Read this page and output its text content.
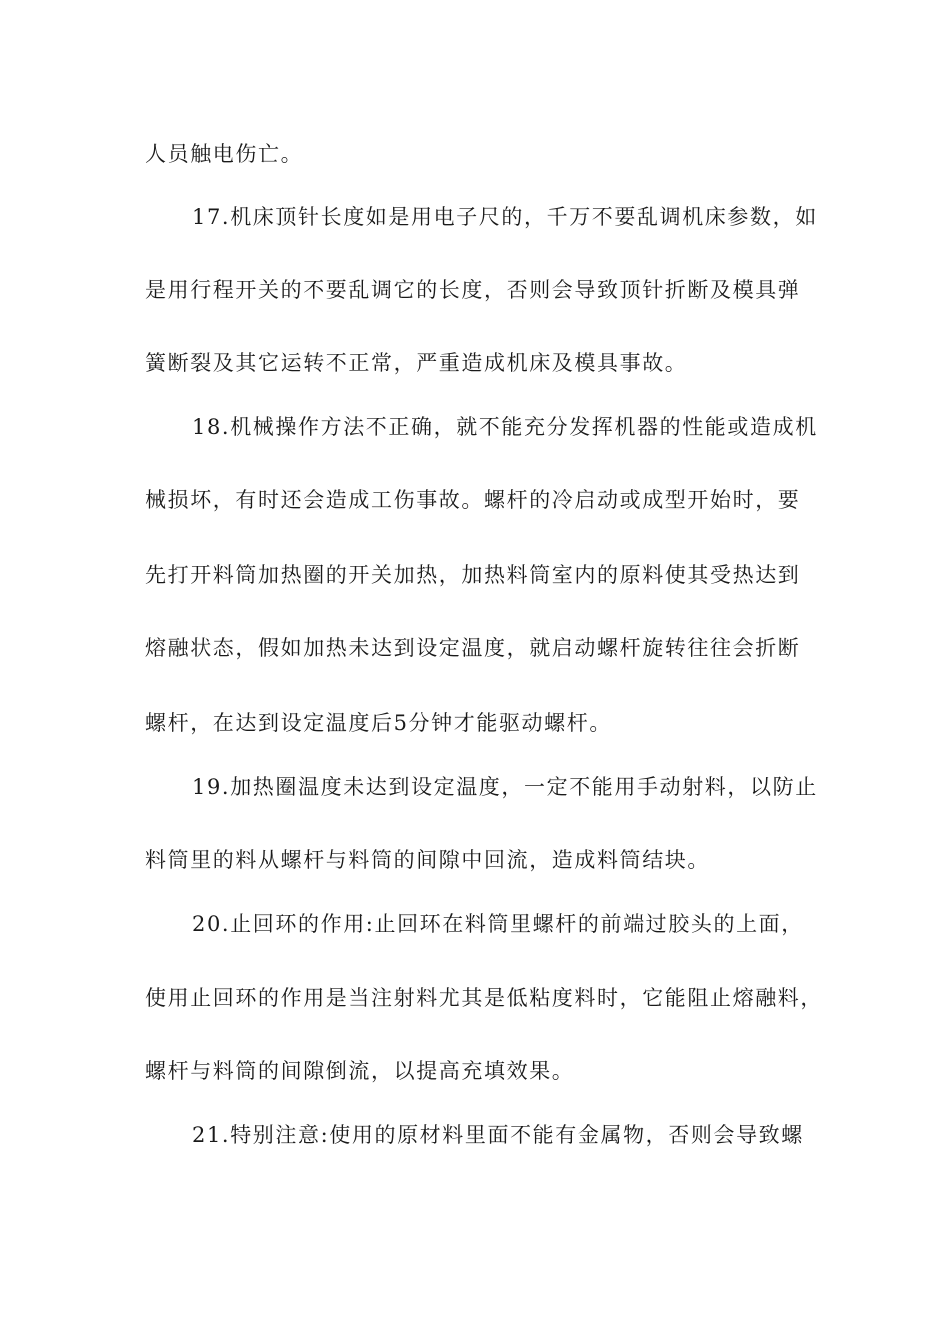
人员触电伤亡。

17.机床顶针长度如是用电子尺的，千万不要乱调机床参数，如

是用行程开关的不要乱调它的长度，否则会导致顶针折断及模具弹

簧断裂及其它运转不正常，严重造成机床及模具事故。

18.机械操作方法不正确，就不能充分发挥机器的性能或造成机

械损坏，有时还会造成工伤事故。螺杆的冷启动或成型开始时，要

先打开料筒加热圈的开关加热，加热料筒室内的原料使其受热达到

熔融状态，假如加热未达到设定温度，就启动螺杆旋转往往会折断

螺杆，在达到设定温度后5分钟才能驱动螺杆。

19.加热圈温度未达到设定温度，一定不能用手动射料，以防止

料筒里的料从螺杆与料筒的间隙中回流，造成料筒结块。

20.止回环的作用:止回环在料筒里螺杆的前端过胶头的上面，

使用止回环的作用是当注射料尤其是低粘度料时，它能阻止熔融料，

螺杆与料筒的间隙倒流，以提高充填效果。

21.特别注意:使用的原材料里面不能有金属物，否则会导致螺
